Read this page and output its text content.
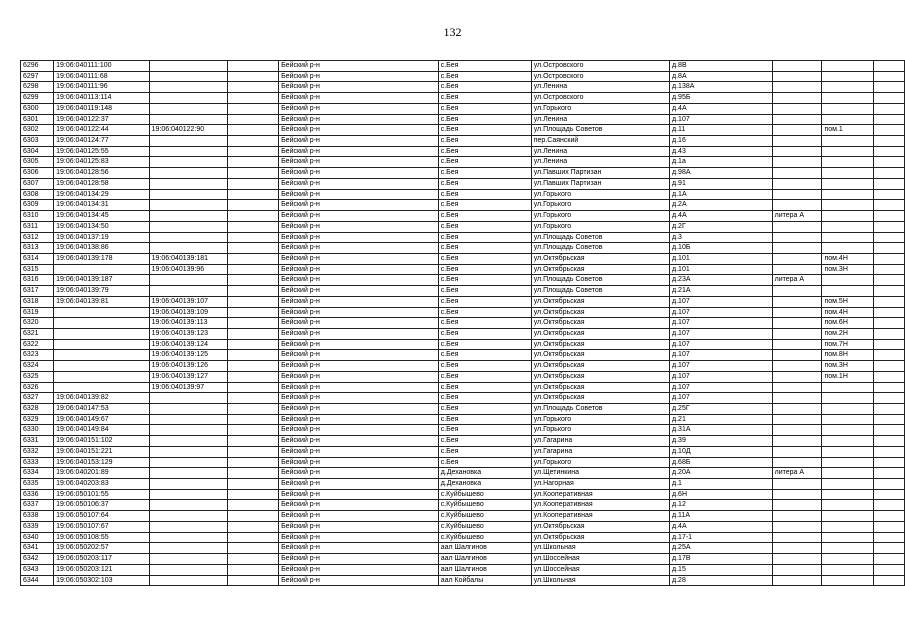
132
6296	19:06:040111:100			Бейский р-н	с.Бея	ул.Островского	д.8В			
6297	19:06:040111:68			Бейский р-н	с.Бея	ул.Островского	д.8А			
6298	19:06:040111:96			Бейский р-н	с.Бея	ул.Ленина	д.138А			
6299	19:06:040113:114			Бейский р-н	с.Бея	ул.Островского	д.95Б			
6300	19:06:040119:148			Бейский р-н	с.Бея	ул.Горького	д.4А			
6301	19:06:040122:37			Бейский р-н	с.Бея	ул.Ленина	д.107			
6302	19:06:040122:44	19:06:040122:90		Бейский р-н	с.Бея	ул.Площадь Советов	д.11		пом.1	
6303	19:06:040124:77			Бейский р-н	с.Бея	пер.Саянский	д.16			
6304	19:06:040125:55			Бейский р-н	с.Бея	ул.Ленина	д.43			
6305	19:06:040125:83			Бейский р-н	с.Бея	ул.Ленина	д.1а			
6306	19:06:040128:56			Бейский р-н	с.Бея	ул.Павших Партизан	д.98А			
6307	19:06:040128:58			Бейский р-н	с.Бея	ул.Павших Партизан	д.91			
6308	19:06:040134:29			Бейский р-н	с.Бея	ул.Горького	д.1А			
6309	19:06:040134:31			Бейский р-н	с.Бея	ул.Горького	д.2А			
6310	19:06:040134:45			Бейский р-н	с.Бея	ул.Горького	д.4А	литера А		
6311	19:06:040134:50			Бейский р-н	с.Бея	ул.Горького	д.2Г			
6312	19:06:040137:19			Бейский р-н	с.Бея	ул.Площадь Советов	д.3			
6313	19:06:040138:86			Бейский р-н	с.Бея	ул.Площадь Советов	д.10Б			
6314	19:06:040139:178	19:06:040139:181		Бейский р-н	с.Бея	ул.Октябрьская	д.101		пом.4Н	
6315		19:06:040139:96		Бейский р-н	с.Бея	ул.Октябрьская	д.101		пом.3Н	
6316	19:06:040139:187			Бейский р-н	с.Бея	ул.Площадь Советов	д.23А	литера А		
6317	19:06:040139:79			Бейский р-н	с.Бея	ул.Площадь Советов	д.21А			
6318	19:06:040139:81	19:06:040139:107		Бейский р-н	с.Бея	ул.Октябрьская	д.107		пом.5Н	
6319		19:06:040139:109		Бейский р-н	с.Бея	ул.Октябрьская	д.107		пом.4Н	
6320		19:06:040139:113		Бейский р-н	с.Бея	ул.Октябрьская	д.107		пом.6Н	
6321		19:06:040139:123		Бейский р-н	с.Бея	ул.Октябрьская	д.107		пом.2Н	
6322		19:06:040139:124		Бейский р-н	с.Бея	ул.Октябрьская	д.107		пом.7Н	
6323		19:06:040139:125		Бейский р-н	с.Бея	ул.Октябрьская	д.107		пом.8Н	
6324		19:06:040139:126		Бейский р-н	с.Бея	ул.Октябрьская	д.107		пом.3Н	
6325		19:06:040139:127		Бейский р-н	с.Бея	ул.Октябрьская	д.107		пом.1Н	
6326		19:06:040139:97		Бейский р-н	с.Бея	ул.Октябрьская	д.107			
6327	19:06:040139:82			Бейский р-н	с.Бея	ул.Октябрьская	д.107			
6328	19:06:040147:53			Бейский р-н	с.Бея	ул.Площадь Советов	д.25Г			
6329	19:06:040149:67			Бейский р-н	с.Бея	ул.Горького	д.21			
6330	19:06:040149:84			Бейский р-н	с.Бея	ул.Горького	д.31А			
6331	19:06:040151:102			Бейский р-н	с.Бея	ул.Гагарина	д.39			
6332	19:06:040151:221			Бейский р-н	с.Бея	ул.Гагарина	д.10Д			
6333	19:06:040153:129			Бейский р-н	с.Бея	ул.Горького	д.68Б			
6334	19:06:040201:89			Бейский р-н	д.Дехановка	ул.Щетинкина	д.20А	литера А		
6335	19:06:040203:83			Бейский р-н	д.Дехановка	ул.Нагорная	д.1			
6336	19:06:050101:55			Бейский р-н	с.Куйбышево	ул.Кооперативная	д.6Н			
6337	19:06:050106:37			Бейский р-н	с.Куйбышево	ул.Кооперативная	д.12			
6338	19:06:050107:64			Бейский р-н	с.Куйбышево	ул.Кооперативная	д.11А			
6339	19:06:050107:67			Бейский р-н	с.Куйбышево	ул.Октябрьская	д.4А			
6340	19:06:050108:55			Бейский р-н	с.Куйбышево	ул.Октябрьская	д.17-1			
6341	19:06:050202:57			Бейский р-н	аал Шалгинов	ул.Школьная	д.25А			
6342	19:06:050203:117			Бейский р-н	аал Шалгинов	ул.Шоссейная	д.17В			
6343	19:06:050203:121			Бейский р-н	аал Шалгинов	ул.Шоссейная	д.15			
6344	19:06:050302:103			Бейский р-н	аал Койбалы	ул.Школьная	д.28			
